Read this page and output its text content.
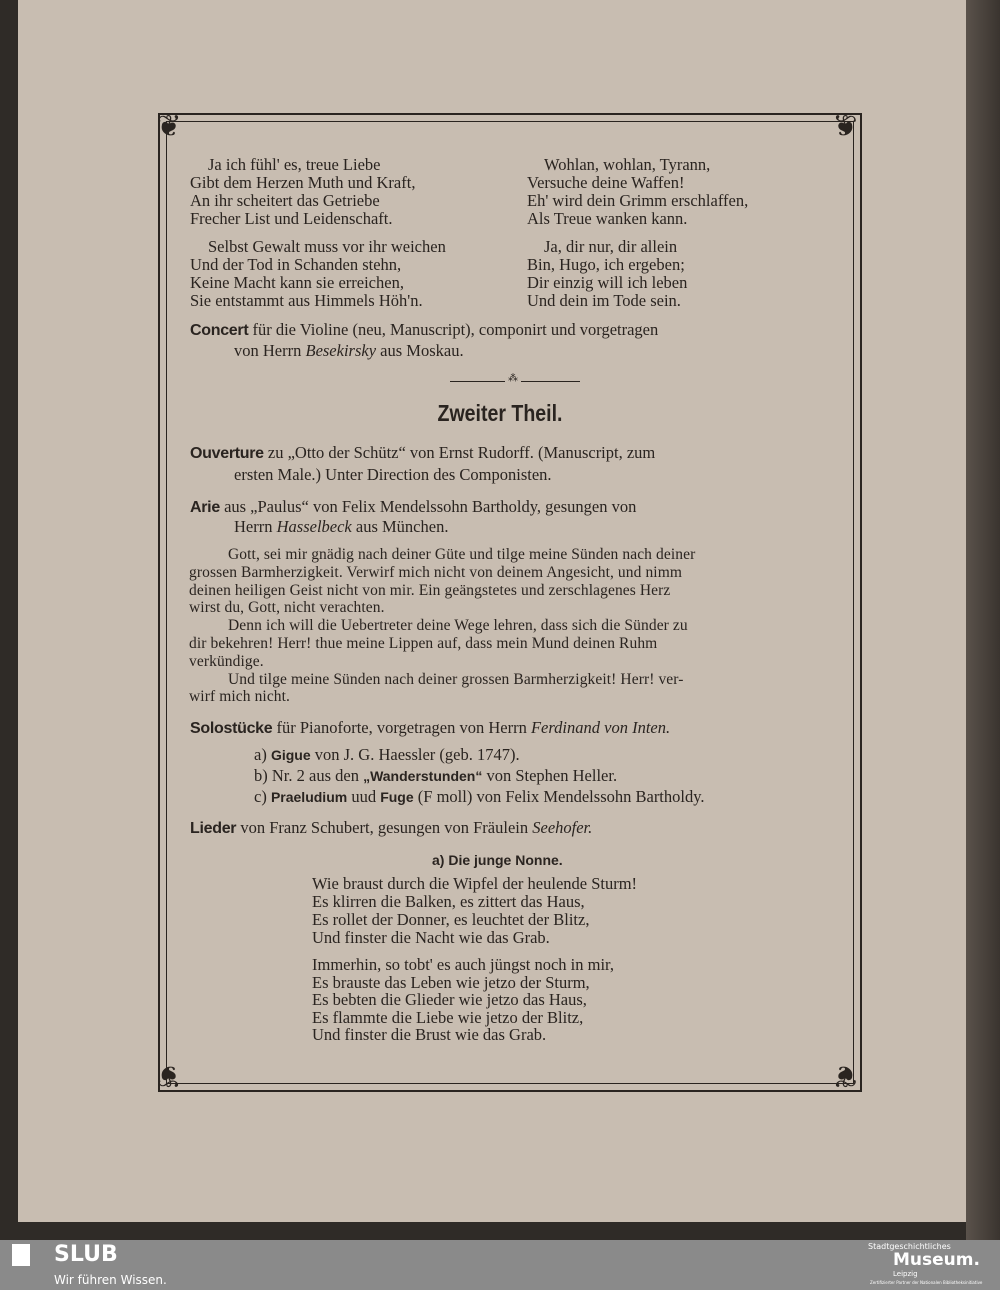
❦	❦
❦	❦
Ja ich fühl' es, treue Liebe
Gibt dem Herzen Muth und Kraft,
An ihr scheitert das Getriebe
Frecher List und Leidenschaft.
Wohlan, wohlan, Tyrann,
Versuche deine Waffen!
Eh' wird dein Grimm erschlaffen,
Als Treue wanken kann.
Selbst Gewalt muss vor ihr weichen
Und der Tod in Schanden stehn,
Keine Macht kann sie erreichen,
Sie entstammt aus Himmels Höh'n.
Ja, dir nur, dir allein
Bin, Hugo, ich ergeben;
Dir einzig will ich leben
Und dein im Tode sein.
Concert für die Violine (neu, Manuscript), componirt und vorgetragen
von Herrn Besekirsky aus Moskau.
Ouverture zu „Otto der Schütz“ von Ernst Rudorff. (Manuscript, zum
ersten Male.) Unter Direction des Componisten.
Arie aus „Paulus“ von Felix Mendelssohn Bartholdy, gesungen von
Herrn Hasselbeck aus München.
Gott, sei mir gnädig nach deiner Güte und tilge meine Sünden nach deiner
grossen Barmherzigkeit. Verwirf mich nicht von deinem Angesicht, und nimm
deinen heiligen Geist nicht von mir. Ein geängstetes und zerschlagenes Herz
wirst du, Gott, nicht verachten.
Denn ich will die Uebertreter deine Wege lehren, dass sich die Sünder zu
dir bekehren! Herr! thue meine Lippen auf, dass mein Mund deinen Ruhm
verkündige.
Und tilge meine Sünden nach deiner grossen Barmherzigkeit! Herr! ver-
wirf mich nicht.
Solostücke für Pianoforte, vorgetragen von Herrn Ferdinand von Inten.
a) Gigue von J. G. Haessler (geb. 1747).
b) Nr. 2 aus den „Wanderstunden“ von Stephen Heller.
c) Praeludium uud Fuge (F moll) von Felix Mendelssohn Bartholdy.
Lieder von Franz Schubert, gesungen von Fräulein Seehofer.
a) Die junge Nonne.
Wie braust durch die Wipfel der heulende Sturm!
Es klirren die Balken, es zittert das Haus,
Es rollet der Donner, es leuchtet der Blitz,
Und finster die Nacht wie das Grab.
Immerhin, so tobt' es auch jüngst noch in mir,
Es brauste das Leben wie jetzo der Sturm,
Es bebten die Glieder wie jetzo das Haus,
Es flammte die Liebe wie jetzo der Blitz,
Und finster die Brust wie das Grab.
⁂
Zweiter Theil.
SLUB
Wir führen Wissen.
Stadtgeschichtliches
Museum.
Leipzig
Zertifizierter Partner der Nationalen Bibliotheksinitiative
